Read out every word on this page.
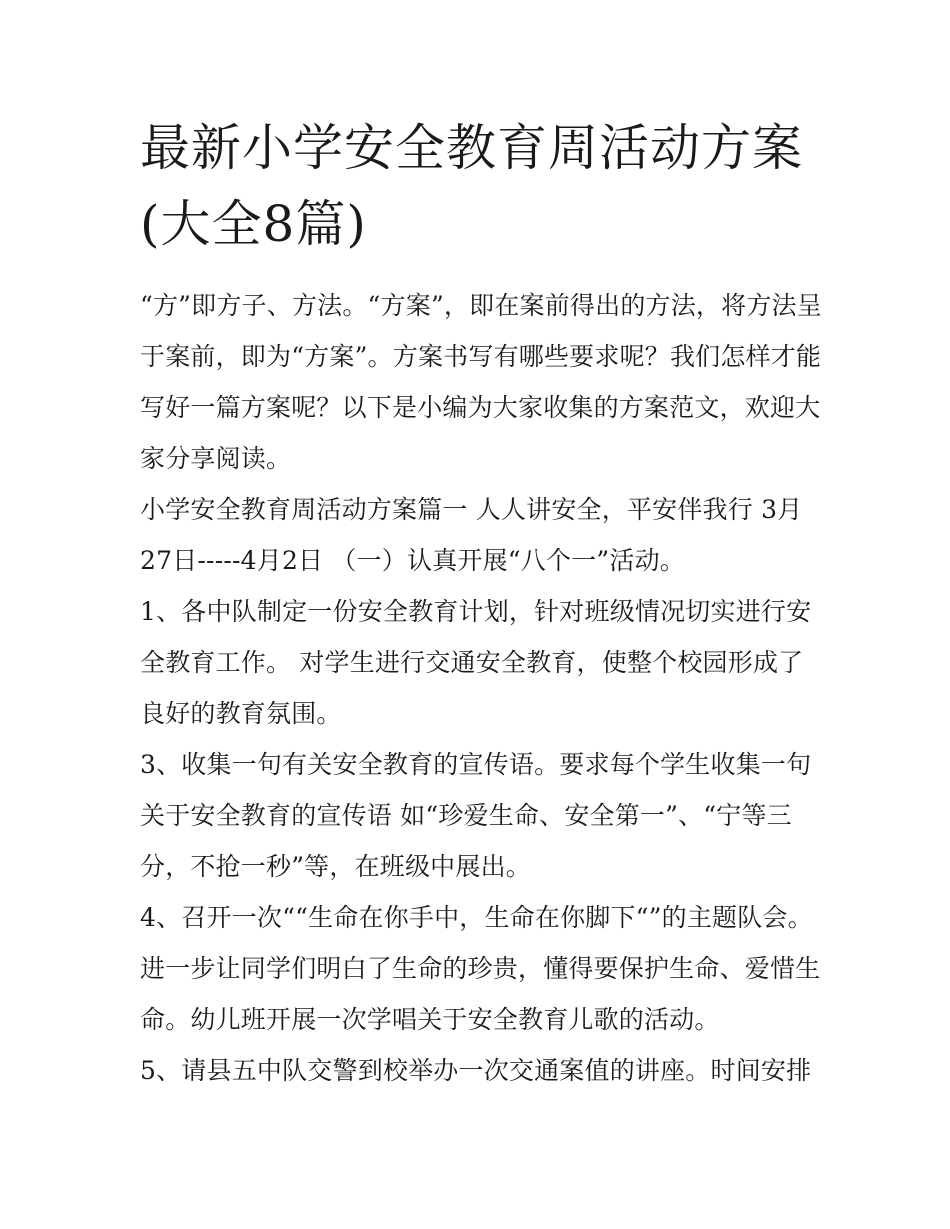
最新小学安全教育周活动方案
(大全8篇)
“方”即方子、方法。“方案”，即在案前得出的方法，将方法呈
于案前，即为“方案”。方案书写有哪些要求呢？我们怎样才能
写好一篇方案呢？以下是小编为大家收集的方案范文，欢迎大
家分享阅读。
小学安全教育周活动方案篇一 人人讲安全，平安伴我行 3月
27日-----4月2日 （一）认真开展“八个一”活动。
1、各中队制定一份安全教育计划，针对班级情况切实进行安
全教育工作。 对学生进行交通安全教育，使整个校园形成了
良好的教育氛围。
3、收集一句有关安全教育的宣传语。要求每个学生收集一句
关于安全教育的宣传语 如“珍爱生命、安全第一”、“宁等三
分，不抢一秒”等，在班级中展出。
4、召开一次““生命在你手中，生命在你脚下“”的主题队会。
进一步让同学们明白了生命的珍贵，懂得要保护生命、爱惜生
命。幼儿班开展一次学唱关于安全教育儿歌的活动。
5、请县五中队交警到校举办一次交通案值的讲座。时间安排
